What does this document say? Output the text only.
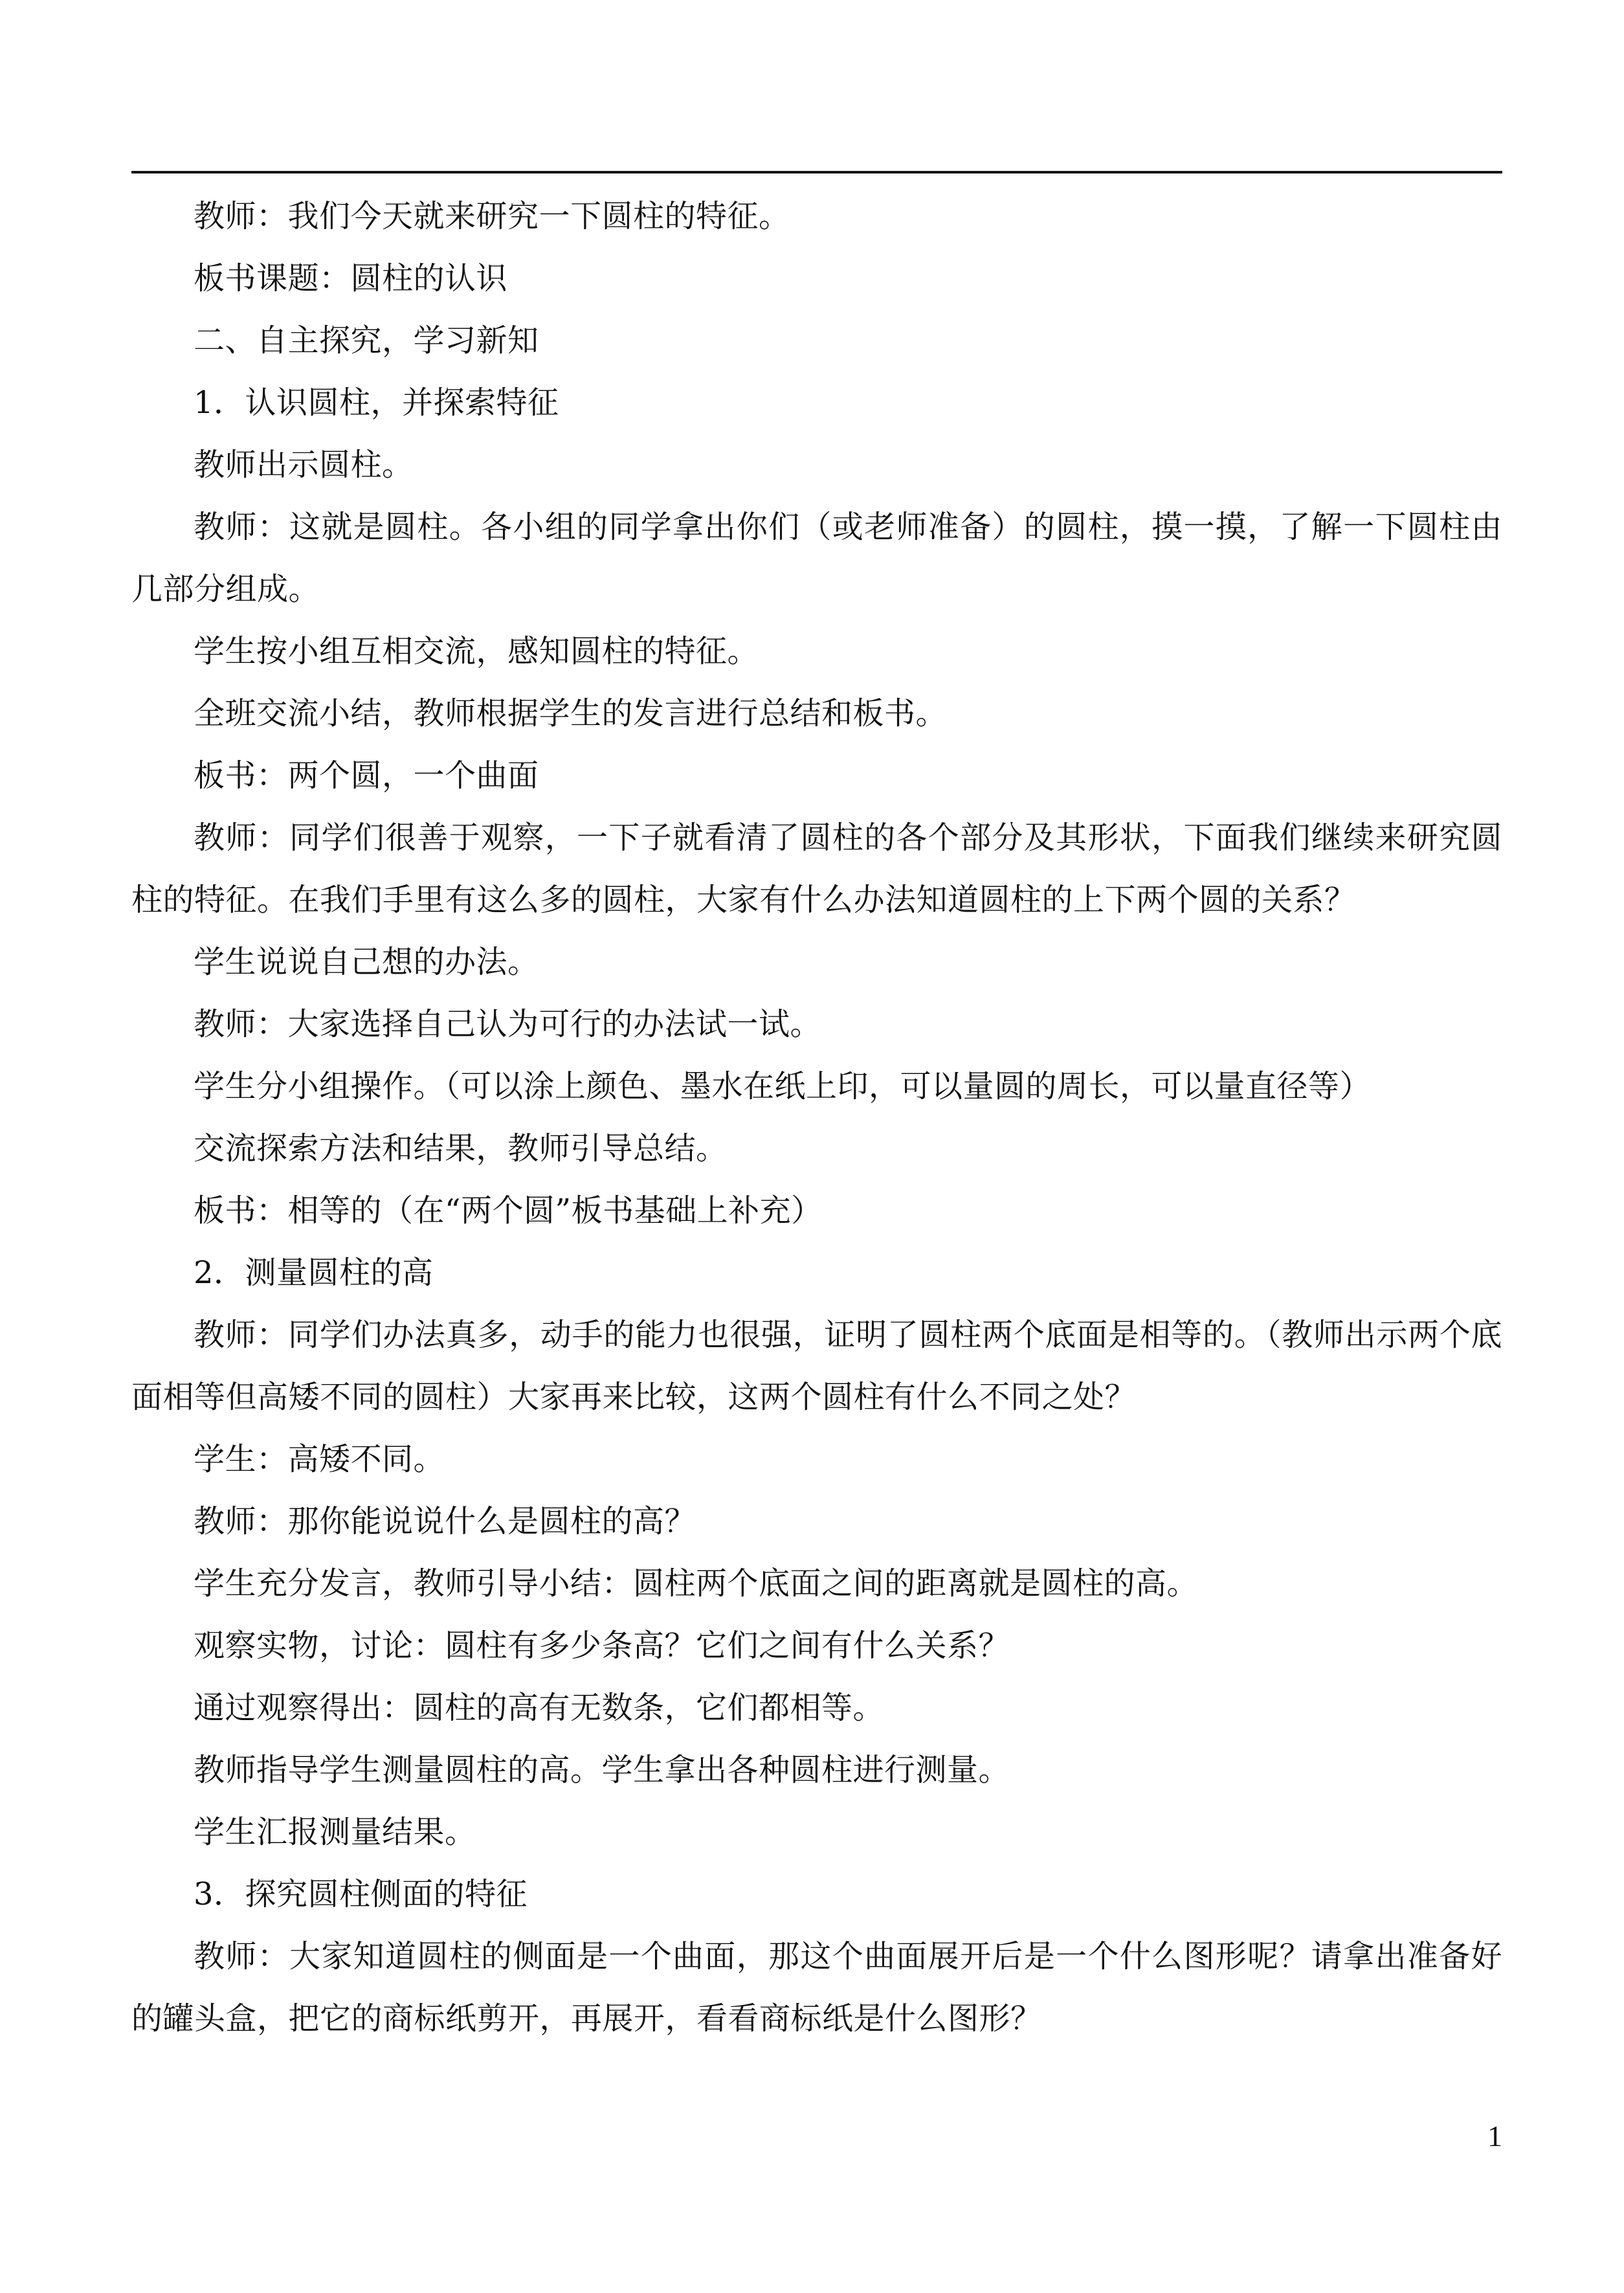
教师：我们今天就来研究一下圆柱的特征。

板书课题：圆柱的认识

二、自主探究，学习新知

1．认识圆柱，并探索特征

教师出示圆柱。

教师：这就是圆柱。各小组的同学拿出你们（或老师准备）的圆柱，摸一摸，了解一下圆柱由几部分组成。

学生按小组互相交流，感知圆柱的特征。

全班交流小结，教师根据学生的发言进行总结和板书。

板书：两个圆，一个曲面

教师：同学们很善于观察，一下子就看清了圆柱的各个部分及其形状，下面我们继续来研究圆柱的特征。在我们手里有这么多的圆柱，大家有什么办法知道圆柱的上下两个圆的关系？

学生说说自己想的办法。

教师：大家选择自己认为可行的办法试一试。

学生分小组操作。（可以涂上颜色、墨水在纸上印，可以量圆的周长，可以量直径等）

交流探索方法和结果，教师引导总结。

板书：相等的（在“两个圆”板书基础上补充）

2．测量圆柱的高

教师：同学们办法真多，动手的能力也很强，证明了圆柱两个底面是相等的。（教师出示两个底面相等但高矮不同的圆柱）大家再来比较，这两个圆柱有什么不同之处？

学生：高矮不同。

教师：那你能说说什么是圆柱的高？

学生充分发言，教师引导小结：圆柱两个底面之间的距离就是圆柱的高。

观察实物，讨论：圆柱有多少条高？它们之间有什么关系？

通过观察得出：圆柱的高有无数条，它们都相等。

教师指导学生测量圆柱的高。学生拿出各种圆柱进行测量。

学生汇报测量结果。

3．探究圆柱侧面的特征

教师：大家知道圆柱的侧面是一个曲面，那这个曲面展开后是一个什么图形呢？请拿出准备好的罐头盒，把它的商标纸剪开，再展开，看看商标纸是什么图形？

1
